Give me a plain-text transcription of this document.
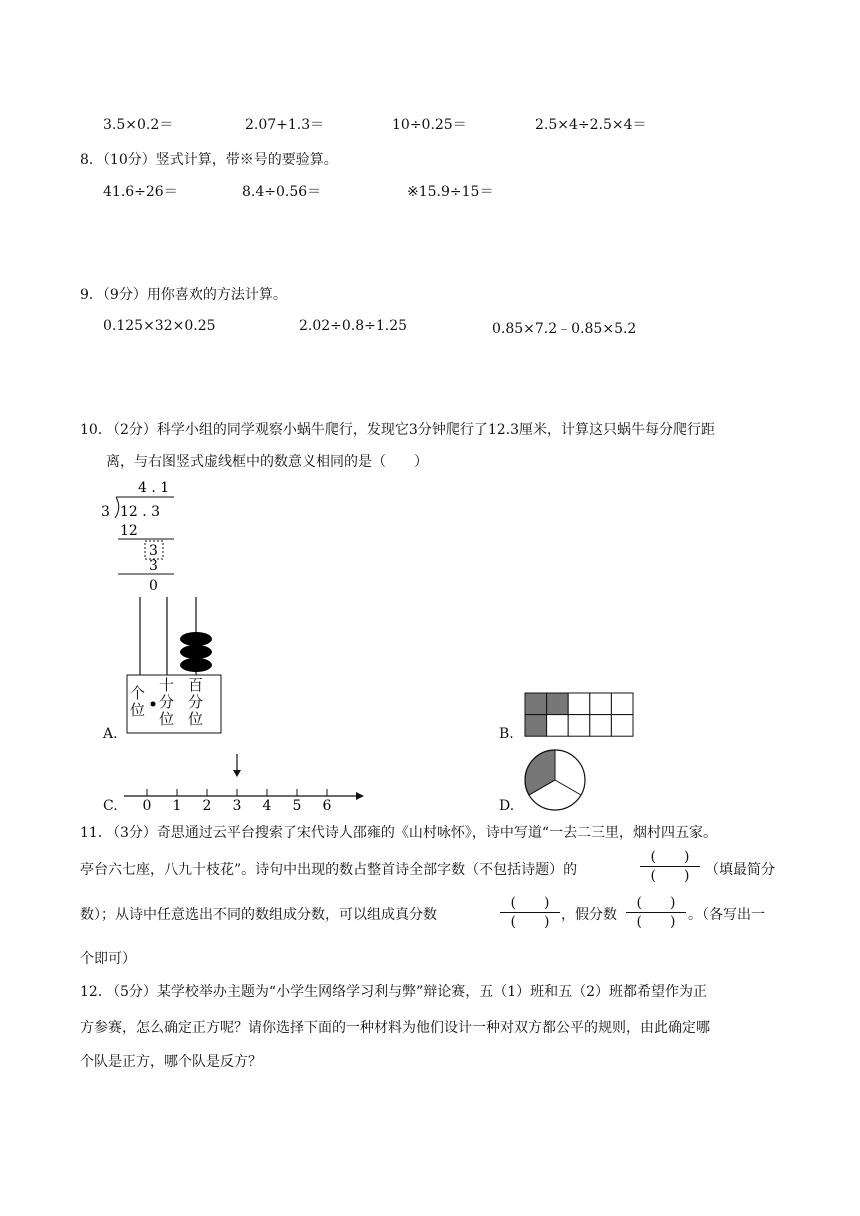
3.5×0.2＝	2.07+1.3＝	10÷0.25＝	2.5×4÷2.5×4＝
8．（10分）竖式计算，带※号的要验算。
41.6÷26＝	8.4÷0.56＝	※15.9÷15＝
9．（9分）用你喜欢的方法计算。
0.125×32×0.25	2.02÷0.8÷1.25	0.85×7.2﹣0.85×5.2
10．
（2分）科学小组的同学观察小蜗牛爬行，发现它3分钟爬行了12.3厘米，计算这只蜗牛每分爬行距
离，与右图竖式虚线框中的数意义相同的是（　　）
4 . 1
3 12 . 3
12
3
3
0
A.
个位
十分位
百分位
B.
C. 0 1 2 3 4 5 6	D.
11．
（3分）奇思通过云平台搜索了宋代诗人邵雍的《山村咏怀》，诗中写道“一去二三里，烟村四五家。
亭台六七座，八九十枝花”。诗句中出现的数占整首诗全部字数（不包括诗题）的
(　　)
(　　)	（填最简分
数）；从诗中任意选出不同的数组成分数，可以组成真分数
(　　)
(　　) ，假分数
(　　)
(　　) 。（各写出一
个即可）
12．
（5分）某学校举办主题为“小学生网络学习利与弊”辩论赛，五（1）班和五（2）班都希望作为正
方参赛，怎么确定正方呢？请你选择下面的一种材料为他们设计一种对双方都公平的规则，由此确定哪
个队是正方，哪个队是反方？
